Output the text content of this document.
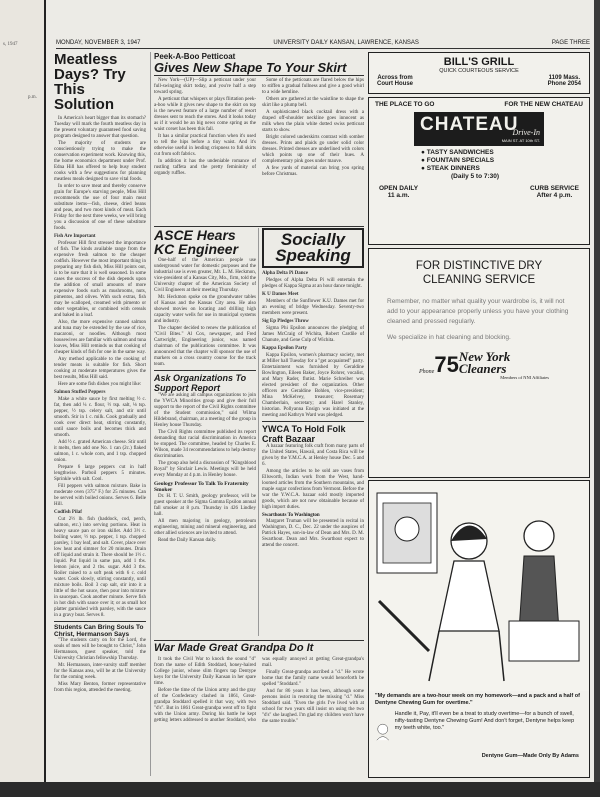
s, 1947
p.m.
MONDAY, NOVEMBER 3, 1947	UNIVERSITY DAILY KANSAN, LAWRENCE, KANSAS	PAGE THREE
Meatless Days? Try This Solution

In America's heart bigger than its stomach? Tuesday will mark the fourth meatless day in the present voluntary guaranteed food saving program designed to answer that question.

The majority of students are conscientiously trying to make the conservation experiment work. Knowing this, the home economics department under Prof. Edna Hill has offered to help busy student cooks with a few suggestions for planning meatless meals designed to save vital foods.

In order to save meat and thereby conserve grain for Europe's starving people, Miss Hill recommends the use of four main meat substitute items—fish, cheese, dried beans and peas, and two most kinds of meat. Each Friday for the next three weeks, we will bring you a discussion of one of these substitute foods.

Fish Are Important

Professor Hill first stressed the importance of fish. The kinds available range from the expensive fresh salmon to the cheaper codfish. However the most important thing in preparing any fish dish, Miss Hill points out, is to be sure that it is well seasoned. In some cases the success of the dish depends upon the addition of small amounts of more expensive foods such as mushrooms, nuts, pimentos, and olives. With such extras, fish may be scalloped, creamed with pimento or other vegetables, or combined with cereals and baked in a loaf.

Also, the more expensive canned salmon and tuna may be extended by the use of rice, macaroni, or noodles. Although most housewives are familiar with salmon and tuna loaves, Miss Hill reminds us that cooking of cheaper kinds of fish for one in the same way.

Any method applicable to the cooking of tender meats is suitable for fish. Short cooking at moderate temperatures gives the best results, Miss Hill said.

Here are some fish dishes you might like:

Salmon Stuffed Peppers

Make a white sauce by first melting ½ c. fat, then add ¼ c. flour, ½ tsp. salt, ⅛ tsp. pepper, ½ tsp. celery salt, and stir until smooth. Stir in 1 c. milk. Cook gradually and cook over direct heat, stirring constantly, until sauce boils and becomes thick and smooth.

Add ½ c. grated American cheese. Stir until it melts, then add one No. 1 can (2c.) flaked salmon, 1 c. whole corn, and 1 tsp. chopped onion.

Prepare 6 large peppers cut in half lengthwise. Parboil peppers 5 minutes. Sprinkle with salt. Cool.

Fill peppers with salmon mixture. Bake in moderate oven (375° F.) for 25 minutes. Can be served with boiled onions. Serves 6. Belle Hill.

Codfish Pilaf

Cut 2½ lb. fish (haddock, cod, perch, salmon, etc.) into serving portions. Heat in heavy sauce pan or iron skillet. Add 3½ c. boiling water, ½ tsp. pepper, 1 tsp. chopped parsley, 1 bay leaf, and salt. Cover, place over low heat and simmer for 20 minutes. Drain off liquid and strain it. There should be 1½ c. liquid. Put liquid in same pan, add 1 tbs. lemon juice, and 2 tbs. sugar. Add 3 tbs. Boiler raised to a soft peak with 6 c. cold water. Cook slowly, stirring constantly, until mixture boils. Boil 3 cup salt, stir into it a little of the hot sauce, then pour into mixture in saucepan. Cook another minute. Serve fish in hot dish with sauce over it; or as small hot platter garnished with parsley, with the sauce in a gravy boat. Serves 8.

Students Can Bring Souls To Christ, Hermanson Says

"The students carry on for the Lord, the souls of men will be brought to Christ," John Hermanson, guest speaker, told the University Christian fellowship Thursday.

Mr. Hermanson, inter-varsity staff member for the Kansas area, will be at the University for the coming week.

Miss Mary Benton, former representative from this region, attended the meeting.

Peek-A-Boo Petticoat
Gives New Shape To Your Skirt

New York—(UP)—Slip a petticoat under your full-swinging skirt today, and you're half a step toward spring.

A petticoat that whispers or plays flirtation peek-a-boo while it gives new shape to the skirt on top is the newest feature of a large number of resort dresses sent to reach the stores. And it looks today as if it would be an big news come spring as the waist corset has been this fall.

It has a similar practical function when it's used to tell the hips before a tiny waist. And it's otherwise useful in lending crispness to full skirts cut from soft fabrics.

In addition it has the undeniable romance of rustling taffeta and the pretty femininity of organdy ruffles.

Some of the petticoats are flared below the hips to stiffen a gradual fullness and give a good whirl to a wide hemline.

Others are gathered at the waistline to shape the skirt like a plump bell.

A sophisticated black cocktail dress with a draped off-shoulder neckline goes innocent as milk when the plain white dotted swiss petticoat starts to show.

Bright colored underskirts contrast with somber dresses. Prints and plaids go under solid color dresses. Printed dresses are underlined with colors which points up one of their hues. A complementary pink goes under mauve.

A few yards of material can bring you spring before Christmas.

ASCE Hears KC Engineer

One-half of the American people use underground water for domestic purposes and the industrial use is even greater, Mr. L. M. Heckmon, vice-president of a Kansas City, Mo., firm, told the University chapter of the American Society of Civil Engineers at their meeting Thursday.

Mr. Heckmon spoke on the groundwater tables of Kansas and the Kansas City area. He also showed movies on locating and drilling high capacity water wells for use in municipal systems and industry.

The chapter decided to renew the publication of "Civil Bites." Al Cox, newspaper, and Fred Cartwright, Engineering junior, was named chairman of the publications committee. It was announced that the chapter will sponsor the use of markers on a cross country course for the track team.

Ask Organizations To Support Report

"We are asking all campus organizations to join the YWCA Minorities group and give their full support to the report of the Civil Rights committee of the Student commission," said Wilma Hildebrand, chairman, at a meeting of the group in Henley house Thursday.

The Civil Rights committee published its report demanding that racial discrimination in America be stopped. The committee, headed by Charles E. Wilson, made 34 recommendations to help destroy discrimination.

The group also held a discussion of "Kingsblood Royal" by Sinclair Lewis. Meetings will be held every Monday at 4 p.m. in Henley house.

Geology Professor To Talk To Fraternity Smoker

Dr. H. T. U. Smith, geology professor, will be guest speaker at the Sigma Gamma Epsilon annual fall smoker at 8 p.m. Thursday in 426 Lindley hall.

All men majoring in geology, petroleum engineering, mining and mineral engineering, and other allied sciences are invited to attend.

Read the Daily Kansan daily.

Socially Speaking
Alpha Delta Pi Dance

Pledges of Alpha Delta Pi will entertain the pledges of Kappa Sigma at an hour dance tonight.

K U Dames Meet

Members of the Sunflower K.U. Dames met for an evening of bridge Wednesday. Seventy-two members were present.

Sig Ep Pledges Throw

Sigma Phi Epsilon announces the pledging of James McCraig of Wichita, Robert Cardile of Chanute, and Gene Culp of Wichita.

Kappa Epsilon Party

Kappa Epsilon, women's pharmacy society, met at Miller hall Tuesday for a "get acquainted" party. Entertainment was furnished by Geraldine Bowlington, Eileen Baker, Joyce Rohrer, vocalist, and Mary Rader, flutist. Marie Schreiber was elected president of the organization. Other officers are Geraldine Bohlen, vice-president; Mina McKelvey, treasurer; Rosemary Chamberlain, secretary; and Harel Stanley, historian. Pollyanna Ensign was initiated at the meeting and Kathryn Ward was pledged.

YWCA To Hold Folk Craft Bazaar

A bazaar featuring folk craft from many parts of the United States, Hawaii, and Costa Rica will be given by the Y.M.C.A. at Henley house Dec. 5 and 6.

Among the articles to be sold are vases from Ellsworth, Indian work from the West, hand-loomed articles from the Southern mountains, and maple sugar confections from Vermont. Before the war the Y.W.C.A. bazaar sold mostly imported goods, which are not now obtainable because of high import duties.

Swarthouts To Washington

Margaret Truman will be presented in recital in Washington, D. C., Dec. 22 under the auspices of Patrick Hayes, son-in-law of Dean and Mrs. D. M. Swarthout. Dean and Mrs. Swarthout expect to attend the concert.

War Made Great Grandpa Do It

It took the Civil War to knock the sound "d" from the name of Edith Stoddard, honey-haired College junior, whose slim fingers tap Dentype keys for the University Daily Kansan in her spare time.

Before the time of the Union army and the gray of the Confederacy clashed in 1861, Great-grandpa Stoddard spelled it that way, with two "d's". But in 1861 Great-grandpa went off to fight with the Union army. During his battle he kept getting letters addressed to another Stoddard, who was equally annoyed at getting Great-grandpa's mail.

Finally Great-grandpa ascribed a "d." He wrote home that the family name would henceforth be spelled "Stoddard."

And for 86 years it has been, although some persons insist in restoring the missing "d." Miss Stoddard said. "Even the girls I've lived with at school for two years still insist on using the two "d's" she laughed. I'm glad my children won't have the same trouble."

BILL'S GRILL
QUICK COURTEOUS SERVICE
Across from
Court House
1109 Mass.
Phone 2054
THE PLACE TO GO	FOR THE NEW CHATEAU
CHATEAU
Drive-In
MAIN ST. AT 10th ST.
● TASTY SANDWICHES
● FOUNTAIN SPECIALS
● STEAK DINNERS
(Daily 5 to 7:30)
OPEN DAILY
11 a.m.
CURB SERVICE
After 4 p.m.
FOR DISTINCTIVE DRY CLEANING SERVICE
Remember, no matter what quality your wardrobe is, it will not add to your appearance properly unless you have your clothing cleaned and pressed regularly.
We specialize in hat cleaning and blocking.
Phone 75 New York Cleaners
Members of NNI Affiliates
"My demands are a two-hour week on my homework—and a pack and a half of Dentyne Chewing Gum for overtime."
Handle it, Pay, it'll even be a treat to study overtime—for a bunch of swell, nifty-tasting Dentyne Chewing Gum! And don't forget, Dentyne helps keep my teeth white, too."
Dentyne Gum—Made Only By Adams
